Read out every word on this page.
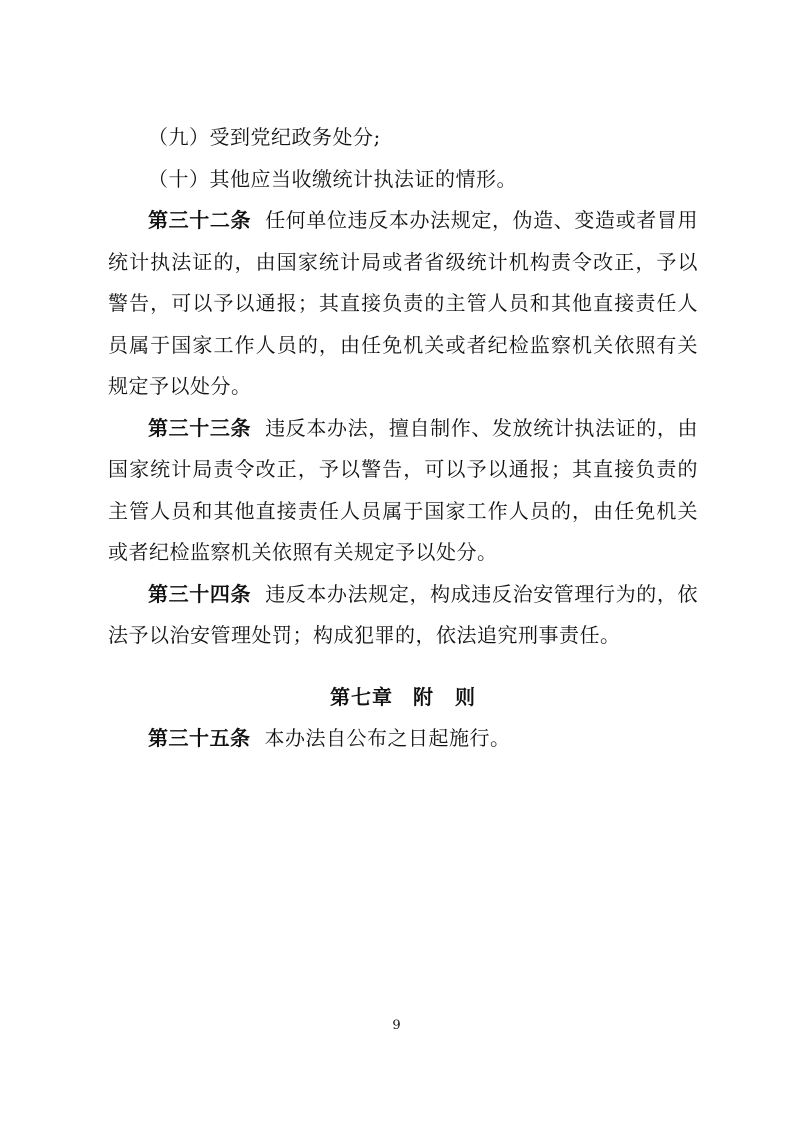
（九）受到党纪政务处分;

（十）其他应当收缴统计执法证的情形。

第三十二条 任何单位违反本办法规定，伪造、变造或者冒用统计执法证的，由国家统计局或者省级统计机构责令改正，予以警告，可以予以通报；其直接负责的主管人员和其他直接责任人员属于国家工作人员的，由任免机关或者纪检监察机关依照有关规定予以处分。

第三十三条 违反本办法，擅自制作、发放统计执法证的，由国家统计局责令改正，予以警告，可以予以通报；其直接负责的主管人员和其他直接责任人员属于国家工作人员的，由任免机关或者纪检监察机关依照有关规定予以处分。

第三十四条 违反本办法规定，构成违反治安管理行为的，依法予以治安管理处罚；构成犯罪的，依法追究刑事责任。

第七章 附　则

第三十五条 本办法自公布之日起施行。

9
